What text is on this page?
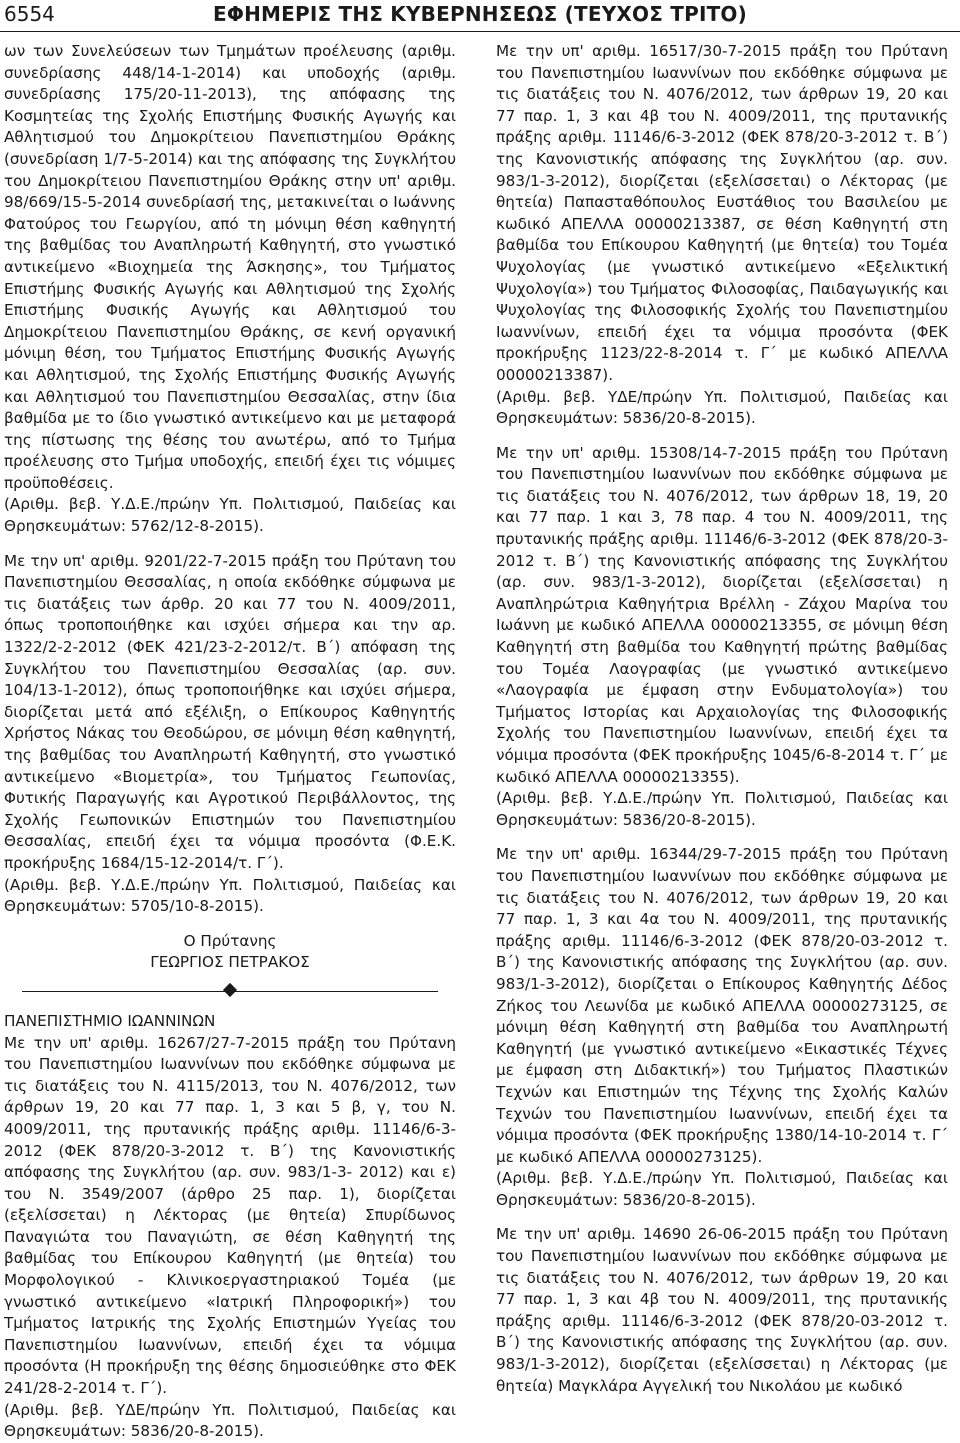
6554	ΕΦΗΜΕΡΙΣ ΤΗΣ ΚΥΒΕΡΝΗΣΕΩΣ (ΤΕΥΧΟΣ ΤΡΙΤΟ)

ων των Συνελεύσεων των Τμημάτων προέλευσης (αριθμ. συνεδρίασης 448/14-1-2014) και υποδοχής (αριθμ. συνεδρίασης 175/20-11-2013), της απόφασης της Κοσμητείας της Σχολής Επιστήμης Φυσικής Αγωγής και Αθλητισμού του Δημοκρίτειου Πανεπιστημίου Θράκης (συνεδρίαση 1/7-5-2014) και της απόφασης της Συγκλήτου του Δημοκρίτειου Πανεπιστημίου Θράκης στην υπ' αριθμ. 98/669/15-5-2014 συνεδρίασή της, μετακινείται ο Ιωάννης Φατούρος του Γεωργίου, από τη μόνιμη θέση καθηγητή της βαθμίδας του Αναπληρωτή Καθηγητή, στο γνωστικό αντικείμενο «Βιοχημεία της Άσκησης», του Τμήματος Επιστήμης Φυσικής Αγωγής και Αθλητισμού της Σχολής Επιστήμης Φυσικής Αγωγής και Αθλητισμού του Δημοκρίτειου Πανεπιστημίου Θράκης, σε κενή οργανική μόνιμη θέση, του Τμήματος Επιστήμης Φυσικής Αγωγής και Αθλητισμού, της Σχολής Επιστήμης Φυσικής Αγωγής και Αθλητισμού του Πανεπιστημίου Θεσσαλίας, στην ίδια βαθμίδα με το ίδιο γνωστικό αντικείμενο και με μεταφορά της πίστωσης της θέσης του ανωτέρω, από το Τμήμα προέλευσης στο Τμήμα υποδοχής, επειδή έχει τις νόμιμες προϋποθέσεις.

(Αριθμ. βεβ. Υ.Δ.Ε./πρώην Υπ. Πολιτισμού, Παιδείας και Θρησκευμάτων: 5762/12-8-2015).

Με την υπ' αριθμ. 9201/22-7-2015 πράξη του Πρύτανη του Πανεπιστημίου Θεσσαλίας, η οποία εκδόθηκε σύμφωνα με τις διατάξεις των άρθρ. 20 και 77 του Ν. 4009/2011, όπως τροποποιήθηκε και ισχύει σήμερα και την αρ. 1322/2-2-2012 (ΦΕΚ 421/23-2-2012/τ. Β΄) απόφαση της Συγκλήτου του Πανεπιστημίου Θεσσαλίας (αρ. συν. 104/13-1-2012), όπως τροποποιήθηκε και ισχύει σήμερα, διορίζεται μετά από εξέλιξη, ο Επίκουρος Καθηγητής Χρήστος Νάκας του Θεοδώρου, σε μόνιμη θέση καθηγητή, της βαθμίδας του Αναπληρωτή Καθηγητή, στο γνωστικό αντικείμενο «Βιομετρία», του Τμήματος Γεωπονίας, Φυτικής Παραγωγής και Αγροτικού Περιβάλλοντος, της Σχολής Γεωπονικών Επιστημών του Πανεπιστημίου Θεσσαλίας, επειδή έχει τα νόμιμα προσόντα (Φ.Ε.Κ. προκήρυξης 1684/15-12-2014/τ. Γ΄).

(Αριθμ. βεβ. Υ.Δ.Ε./πρώην Υπ. Πολιτισμού, Παιδείας και Θρησκευμάτων: 5705/10-8-2015).

Ο Πρύτανης

ΓΕΩΡΓΙΟΣ ΠΕΤΡΑΚΟΣ

ΠΑΝΕΠΙΣΤΗΜΙΟ ΙΩΑΝΝΙΝΩΝ

Με την υπ' αριθμ. 16267/27-7-2015 πράξη του Πρύτανη του Πανεπιστημίου Ιωαννίνων που εκδόθηκε σύμφωνα με τις διατάξεις του Ν. 4115/2013, του Ν. 4076/2012, των άρθρων 19, 20 και 77 παρ. 1, 3 και 5 β, γ, του Ν. 4009/2011, της πρυτανικής πράξης αριθμ. 11146/6-3-2012 (ΦΕΚ 878/20-3-2012 τ. Β΄) της Κανονιστικής απόφασης της Συγκλήτου (αρ. συν. 983/1-3- 2012) και ε) του Ν. 3549/2007 (άρθρο 25 παρ. 1), διορίζεται (εξελίσσεται) η Λέκτορας (με θητεία) Σπυρίδωνος Παναγιώτα του Παναγιώτη, σε θέση Καθηγητή της βαθμίδας του Επίκουρου Καθηγητή (με θητεία) του Μορφολογικού - Κλινικοεργαστηριακού Τομέα (με γνωστικό αντικείμενο «Ιατρική Πληροφορική») του Τμήματος Ιατρικής της Σχολής Επιστημών Υγείας του Πανεπιστημίου Ιωαννίνων, επειδή έχει τα νόμιμα προσόντα (Η προκήρυξη της θέσης δημοσιεύθηκε στο ΦΕΚ 241/28-2-2014 τ. Γ΄).

(Αριθμ. βεβ. ΥΔΕ/πρώην Υπ. Πολιτισμού, Παιδείας και Θρησκευμάτων: 5836/20-8-2015).

Με την υπ' αριθμ. 16517/30-7-2015 πράξη του Πρύτανη του Πανεπιστημίου Ιωαννίνων που εκδόθηκε σύμφωνα με τις διατάξεις του Ν. 4076/2012, των άρθρων 19, 20 και 77 παρ. 1, 3 και 4β του Ν. 4009/2011, της πρυτανικής πράξης αριθμ. 11146/6-3-2012 (ΦΕΚ 878/20-3-2012 τ. Β΄) της Κανονιστικής απόφασης της Συγκλήτου (αρ. συν. 983/1-3-2012), διορίζεται (εξελίσσεται) ο Λέκτορας (με θητεία) Παπασταθόπουλος Ευστάθιος του Βασιλείου με κωδικό ΑΠΕΛΛΑ 00000213387, σε θέση Καθηγητή στη βαθμίδα του Επίκουρου Καθηγητή (με θητεία) του Τομέα Ψυχολογίας (με γνωστικό αντικείμενο «Εξελικτική Ψυχολογία») του Τμήματος Φιλοσοφίας, Παιδαγωγικής και Ψυχολογίας της Φιλοσοφικής Σχολής του Πανεπιστημίου Ιωαννίνων, επειδή έχει τα νόμιμα προσόντα (ΦΕΚ προκήρυξης 1123/22-8-2014 τ. Γ΄ με κωδικό ΑΠΕΛΛΑ 00000213387).

(Αριθμ. βεβ. ΥΔΕ/πρώην Υπ. Πολιτισμού, Παιδείας και Θρησκευμάτων: 5836/20-8-2015).

Με την υπ' αριθμ. 15308/14-7-2015 πράξη του Πρύτανη του Πανεπιστημίου Ιωαννίνων που εκδόθηκε σύμφωνα με τις διατάξεις του Ν. 4076/2012, των άρθρων 18, 19, 20 και 77 παρ. 1 και 3, 78 παρ. 4 του Ν. 4009/2011, της πρυτανικής πράξης αριθμ. 11146/6-3-2012 (ΦΕΚ 878/20-3-2012 τ. Β΄) της Κανονιστικής απόφασης της Συγκλήτου (αρ. συν. 983/1-3-2012), διορίζεται (εξελίσσεται) η Αναπληρώτρια Καθηγήτρια Βρέλλη - Ζάχου Μαρίνα του Ιωάννη με κωδικό ΑΠΕΛΛΑ 00000213355, σε μόνιμη θέση Καθηγητή στη βαθμίδα του Καθηγητή πρώτης βαθμίδας του Τομέα Λαογραφίας (με γνωστικό αντικείμενο «Λαογραφία με έμφαση στην Ενδυματολογία») του Τμήματος Ιστορίας και Αρχαιολογίας της Φιλοσοφικής Σχολής του Πανεπιστημίου Ιωαννίνων, επειδή έχει τα νόμιμα προσόντα (ΦΕΚ προκήρυξης 1045/6-8-2014 τ. Γ΄ με κωδικό ΑΠΕΛΛΑ 00000213355).

(Αριθμ. βεβ. Υ.Δ.Ε./πρώην Υπ. Πολιτισμού, Παιδείας και Θρησκευμάτων: 5836/20-8-2015).

Με την υπ' αριθμ. 16344/29-7-2015 πράξη του Πρύτανη του Πανεπιστημίου Ιωαννίνων που εκδόθηκε σύμφωνα με τις διατάξεις του Ν. 4076/2012, των άρθρων 19, 20 και 77 παρ. 1, 3 και 4α του Ν. 4009/2011, της πρυτανικής πράξης αριθμ. 11146/6-3-2012 (ΦΕΚ 878/20-03-2012 τ. Β΄) της Κανονιστικής απόφασης της Συγκλήτου (αρ. συν. 983/1-3-2012), διορίζεται ο Επίκουρος Καθηγητής Δέδος Ζήκος του Λεωνίδα με κωδικό ΑΠΕΛΛΑ 00000273125, σε μόνιμη θέση Καθηγητή στη βαθμίδα του Αναπληρωτή Καθηγητή (με γνωστικό αντικείμενο «Εικαστικές Τέχνες με έμφαση στη Διδακτική») του Τμήματος Πλαστικών Τεχνών και Επιστημών της Τέχνης της Σχολής Καλών Τεχνών του Πανεπιστημίου Ιωαννίνων, επειδή έχει τα νόμιμα προσόντα (ΦΕΚ προκήρυξης 1380/14-10-2014 τ. Γ΄ με κωδικό ΑΠΕΛΛΑ 00000273125).

(Αριθμ. βεβ. Υ.Δ.Ε./πρώην Υπ. Πολιτισμού, Παιδείας και Θρησκευμάτων: 5836/20-8-2015).

Με την υπ' αριθμ. 14690 26-06-2015 πράξη του Πρύτανη του Πανεπιστημίου Ιωαννίνων που εκδόθηκε σύμφωνα με τις διατάξεις του Ν. 4076/2012, των άρθρων 19, 20 και 77 παρ. 1, 3 και 4β του Ν. 4009/2011, της πρυτανικής πράξης αριθμ. 11146/6-3-2012 (ΦΕΚ 878/20-03-2012 τ. Β΄) της Κανονιστικής απόφασης της Συγκλήτου (αρ. συν. 983/1-3-2012), διορίζεται (εξελίσσεται) η Λέκτορας (με θητεία) Μαγκλάρα Αγγελική του Νικολάου με κωδικό
